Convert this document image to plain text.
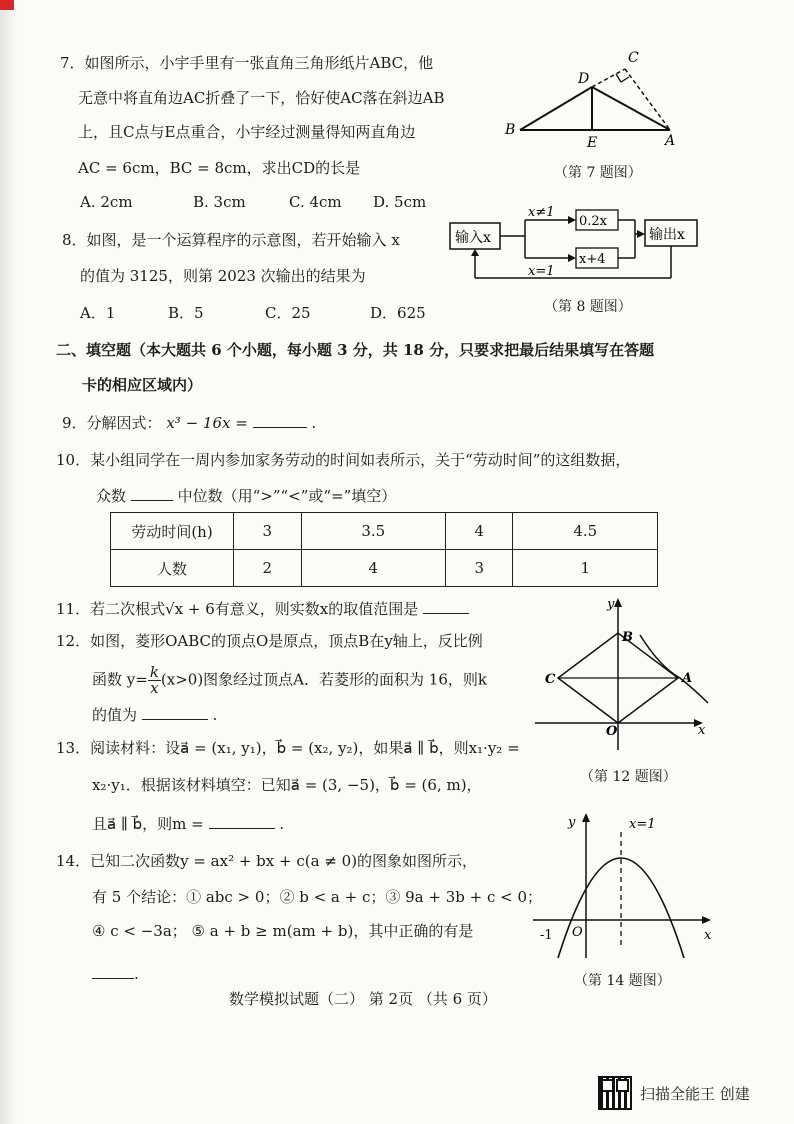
7．如图所示，小宇手里有一张直角三角形纸片ABC，他
无意中将直角边AC折叠了一下，恰好使AC落在斜边AB
上，且C点与E点重合，小宇经过测量得知两直角边
AC = 6cm，BC = 8cm，求出CD的长是
A. 2cm	B. 3cm	C. 4cm D. 5cm
C
D
B
E	A
（第 7 题图）
8．如图，是一个运算程序的示意图，若开始输入 x
的值为 3125，则第 2023 次输出的结果为
A．1	B．5	C．25	D．625
输入x
x≠1
x=1
0.2x
x+4
输出x
（第 8 题图）
二、填空题（本大题共 6 个小题，每小题 3 分，共 18 分，只要求把最后结果填写在答题
卡的相应区域内）
9．分解因式： x³ − 16x =	.
10．某小组同学在一周内参加家务劳动的时间如表所示，关于“劳动时间”的这组数据，
众数	中位数（用“>”“<”或“=”填空）
劳动时间(h)	3	3.5	4	4.5
人数	2	4	3	1
11．若二次根式√x + 6有意义，则实数x的取值范围是
12．如图，菱形OABC的顶点O是原点，顶点B在y轴上，反比例
函数 $y= \frac{k}{x} (x>0)$图象经过顶点A．若菱形的面积为 16，则k
的值为	.
y
x
B
A
C
O
（第 12 题图）
13．阅读材料：设a⃗ = (x₁, y₁)，b⃗ = (x₂, y₂)，如果a⃗ ∥ b⃗，则x₁·y₂ =
x₂·y₁．根据该材料填空：已知a⃗ = (3, −5)，b⃗ = (6, m)，
且a⃗ ∥ b⃗，则m =	.
14．已知二次函数y = ax² + bx + c(a ≠ 0)的图象如图所示，
有 5 个结论：① abc > 0；② b < a + c；③ 9a + 3b + c < 0；
④ c < −3a； ⑤ a + b ≥ m(am + b)，其中正确的有是
.
y	x=1
-1 O	x
（第 14 题图）
数学模拟试题（二） 第 2页 （共 6 页）
扫描全能王 创建
